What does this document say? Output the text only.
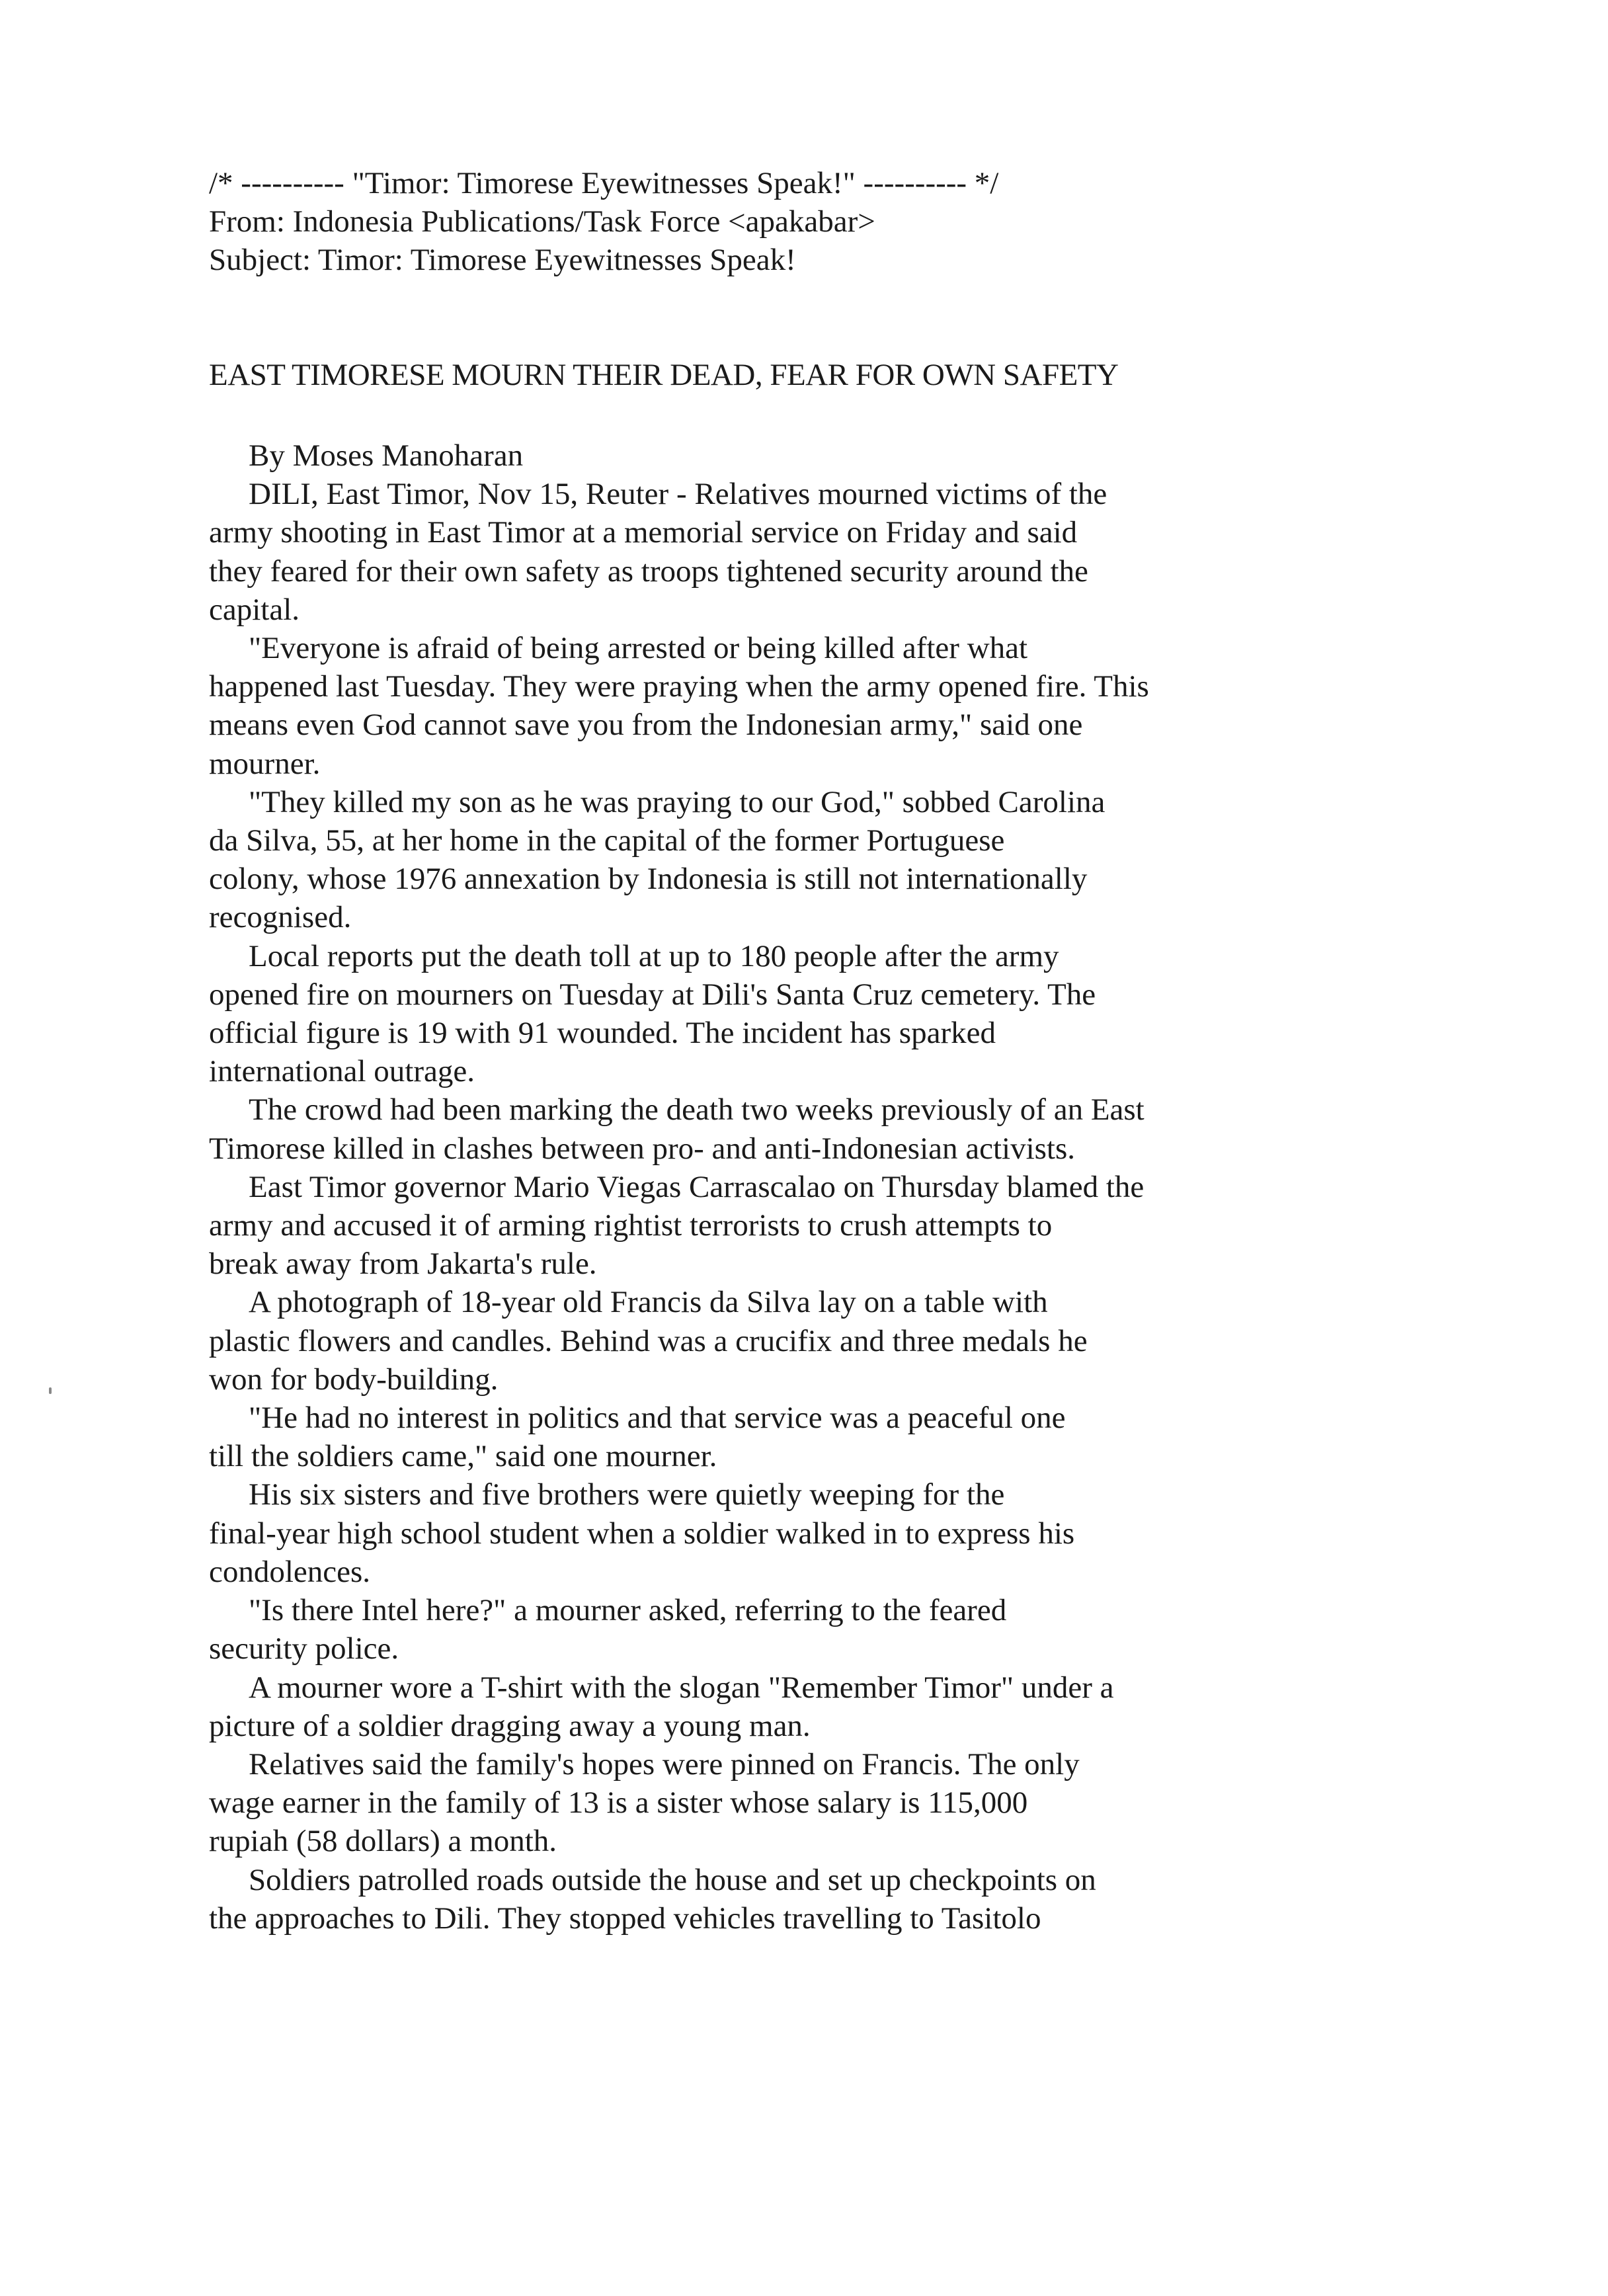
/* ---------- "Timor: Timorese Eyewitnesses Speak!" ---------- */
From: Indonesia Publications/Task Force <apakabar>
Subject: Timor: Timorese Eyewitnesses Speak!
EAST TIMORESE MOURN THEIR DEAD, FEAR FOR OWN SAFETY
By Moses Manoharan
DILI, East Timor, Nov 15, Reuter - Relatives mourned victims of the
army shooting in East Timor at a memorial service on Friday and said
they feared for their own safety as troops tightened security around the
capital.
"Everyone is afraid of being arrested or being killed after what
happened last Tuesday. They were praying when the army opened fire. This
means even God cannot save you from the Indonesian army," said one
mourner.
"They killed my son as he was praying to our God," sobbed Carolina
da Silva, 55, at her home in the capital of the former Portuguese
colony, whose 1976 annexation by Indonesia is still not internationally
recognised.
Local reports put the death toll at up to 180 people after the army
opened fire on mourners on Tuesday at Dili's Santa Cruz cemetery. The
official figure is 19 with 91 wounded. The incident has sparked
international outrage.
The crowd had been marking the death two weeks previously of an East
Timorese killed in clashes between pro- and anti-Indonesian activists.
East Timor governor Mario Viegas Carrascalao on Thursday blamed the
army and accused it of arming rightist terrorists to crush attempts to
break away from Jakarta's rule.
A photograph of 18-year old Francis da Silva lay on a table with
plastic flowers and candles. Behind was a crucifix and three medals he
won for body-building.
"He had no interest in politics and that service was a peaceful one
till the soldiers came," said one mourner.
His six sisters and five brothers were quietly weeping for the
final-year high school student when a soldier walked in to express his
condolences.
"Is there Intel here?" a mourner asked, referring to the feared
security police.
A mourner wore a T-shirt with the slogan "Remember Timor" under a
picture of a soldier dragging away a young man.
Relatives said the family's hopes were pinned on Francis. The only
wage earner in the family of 13 is a sister whose salary is 115,000
rupiah (58 dollars) a month.
Soldiers patrolled roads outside the house and set up checkpoints on
the approaches to Dili. They stopped vehicles travelling to Tasitolo
